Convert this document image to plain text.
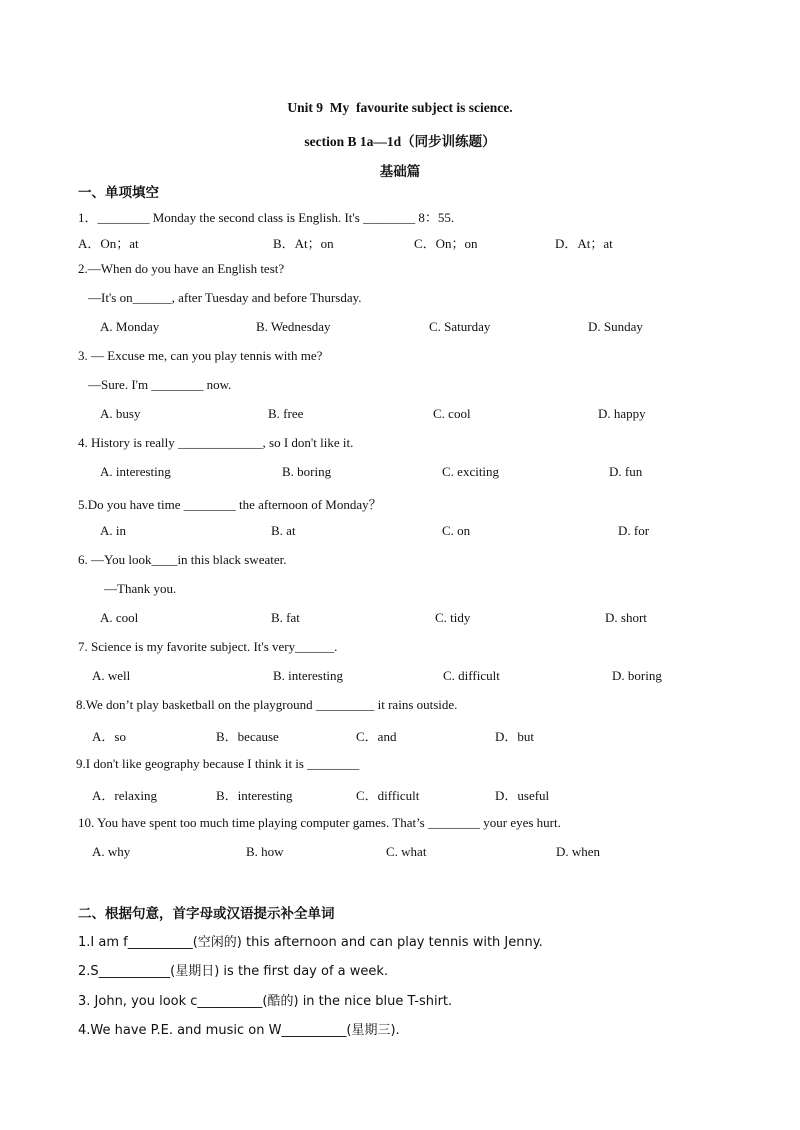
Unit 9  My  favourite subject is science.
section B 1a—1d（同步训练题）
基础篇
一、单项填空
1．________ Monday the second class is English. It's ________ 8：55.
A．On；at	B．At；on	C．On；on	D．At；at
2.—When do you have an English test?
—It's on______, after Tuesday and before Thursday.
A. Monday	B. Wednesday	C. Saturday	D. Sunday
3. — Excuse me, can you play tennis with me?
—Sure. I'm ________ now.
A. busy	B. free	C. cool	D. happy
4. History is really _____________, so I don't like it.
A. interesting	B. boring	C. exciting	D. fun
5.Do you have time ________ the afternoon of Monday？
A. in	B. at	C. on	D. for
6. —You look____in this black sweater.
—Thank you.
A. cool	B. fat	C. tidy	D. short
7. Science is my favorite subject. It's very______.
A. well	B. interesting	C. difficult	D. boring
8.We don’t play basketball on the playground _________ it rains outside.
A．so	B．because	C．and	D．but
9.I don't like geography because I think it is ________
A．relaxing	B．interesting	C．difficult	D．useful
10. You have spent too much time playing computer games. That’s ________ your eyes hurt.
A. why	B. how	C. what	D. when
二、根据句意，首字母或汉语提示补全单词
1.I am f__________(空闲的) this afternoon and can play tennis with Jenny.
2.S___________(星期日) is the first day of a week.
3. John, you look c__________(酷的) in the nice blue T-shirt.
4.We have P.E. and music on W__________(星期三).
